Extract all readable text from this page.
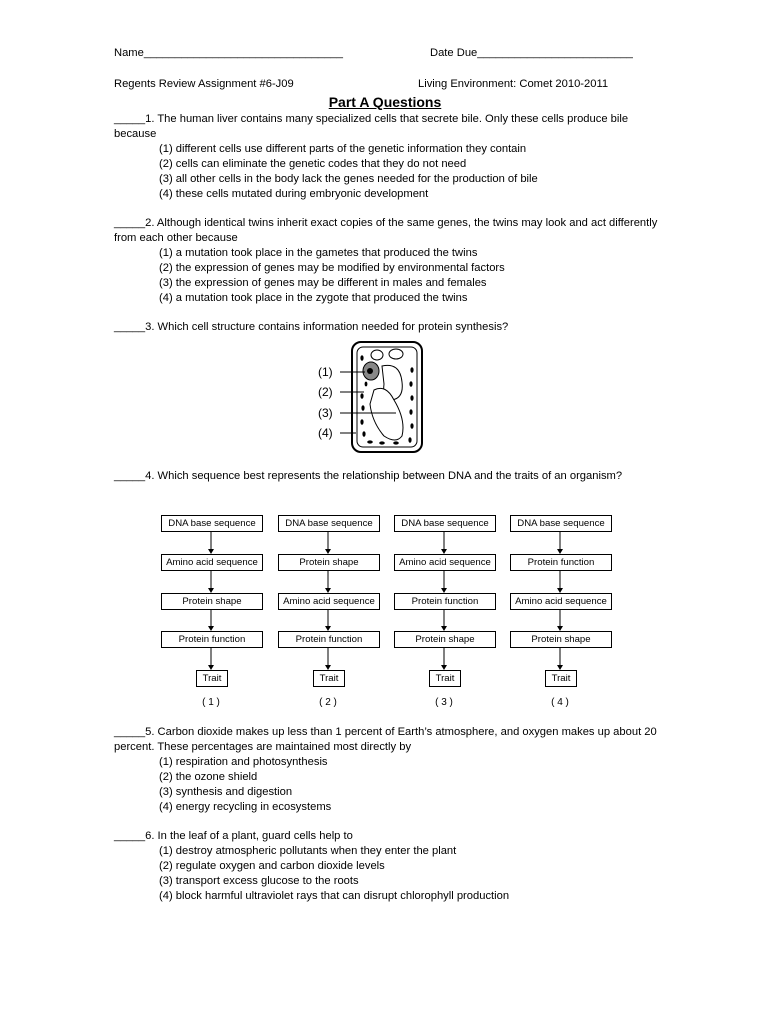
Name________________________________	Date Due_________________________
Regents Review Assignment #6-J09	Living Environment: Comet 2010-2011
Part A Questions
_____1. The human liver contains many specialized cells that secrete bile. Only these cells produce bile because
(1) different cells use different parts of the genetic information they contain
(2) cells can eliminate the genetic codes that they do not need
(3) all other cells in the body lack the genes needed for the production of bile
(4) these cells mutated during embryonic development
_____2. Although identical twins inherit exact copies of the same genes, the twins may look and act differently from each other because
(1) a mutation took place in the gametes that produced the twins
(2) the expression of genes may be modified by environmental factors
(3) the expression of genes may be different in males and females
(4) a mutation took place in the zygote that produced the twins
_____3. Which cell structure contains information needed for protein synthesis?
(1)
(2)
(3)
(4)
_____4. Which sequence best represents the relationship between DNA and the traits of an organism?
DNA base sequence
Amino acid sequence
Protein shape
Protein function
Trait
( 1 )
DNA base sequence
Protein shape
Amino acid sequence
Protein function
Trait
( 2 )
DNA base sequence
Amino acid sequence
Protein function
Protein shape
Trait
( 3 )
DNA base sequence
Protein function
Amino acid sequence
Protein shape
Trait
( 4 )
_____5. Carbon dioxide makes up less than 1 percent of Earth’s atmosphere, and oxygen makes up about 20 percent. These percentages are maintained most directly by
(1) respiration and photosynthesis
(2) the ozone shield
(3) synthesis and digestion
(4) energy recycling in ecosystems
_____6. In the leaf of a plant, guard cells help to
(1) destroy atmospheric pollutants when they enter the plant
(2) regulate oxygen and carbon dioxide levels
(3) transport excess glucose to the roots
(4) block harmful ultraviolet rays that can disrupt chlorophyll production
